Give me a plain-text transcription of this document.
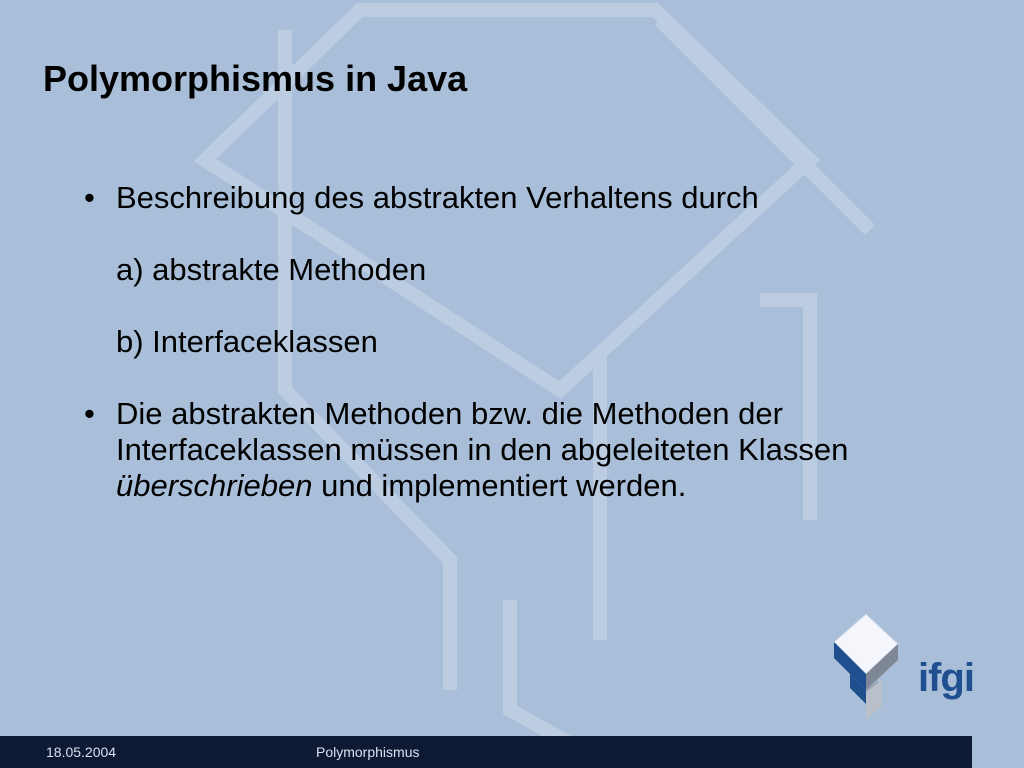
Polymorphismus in Java
• Beschreibung des abstrakten Verhaltens durch
a) abstrakte Methoden
b) Interfaceklassen
• Die abstrakten Methoden bzw. die Methoden der Interfaceklassen müssen in den abgeleiteten Klassen überschrieben und implementiert werden.
ifgi
18.05.2004	Polymorphismus
